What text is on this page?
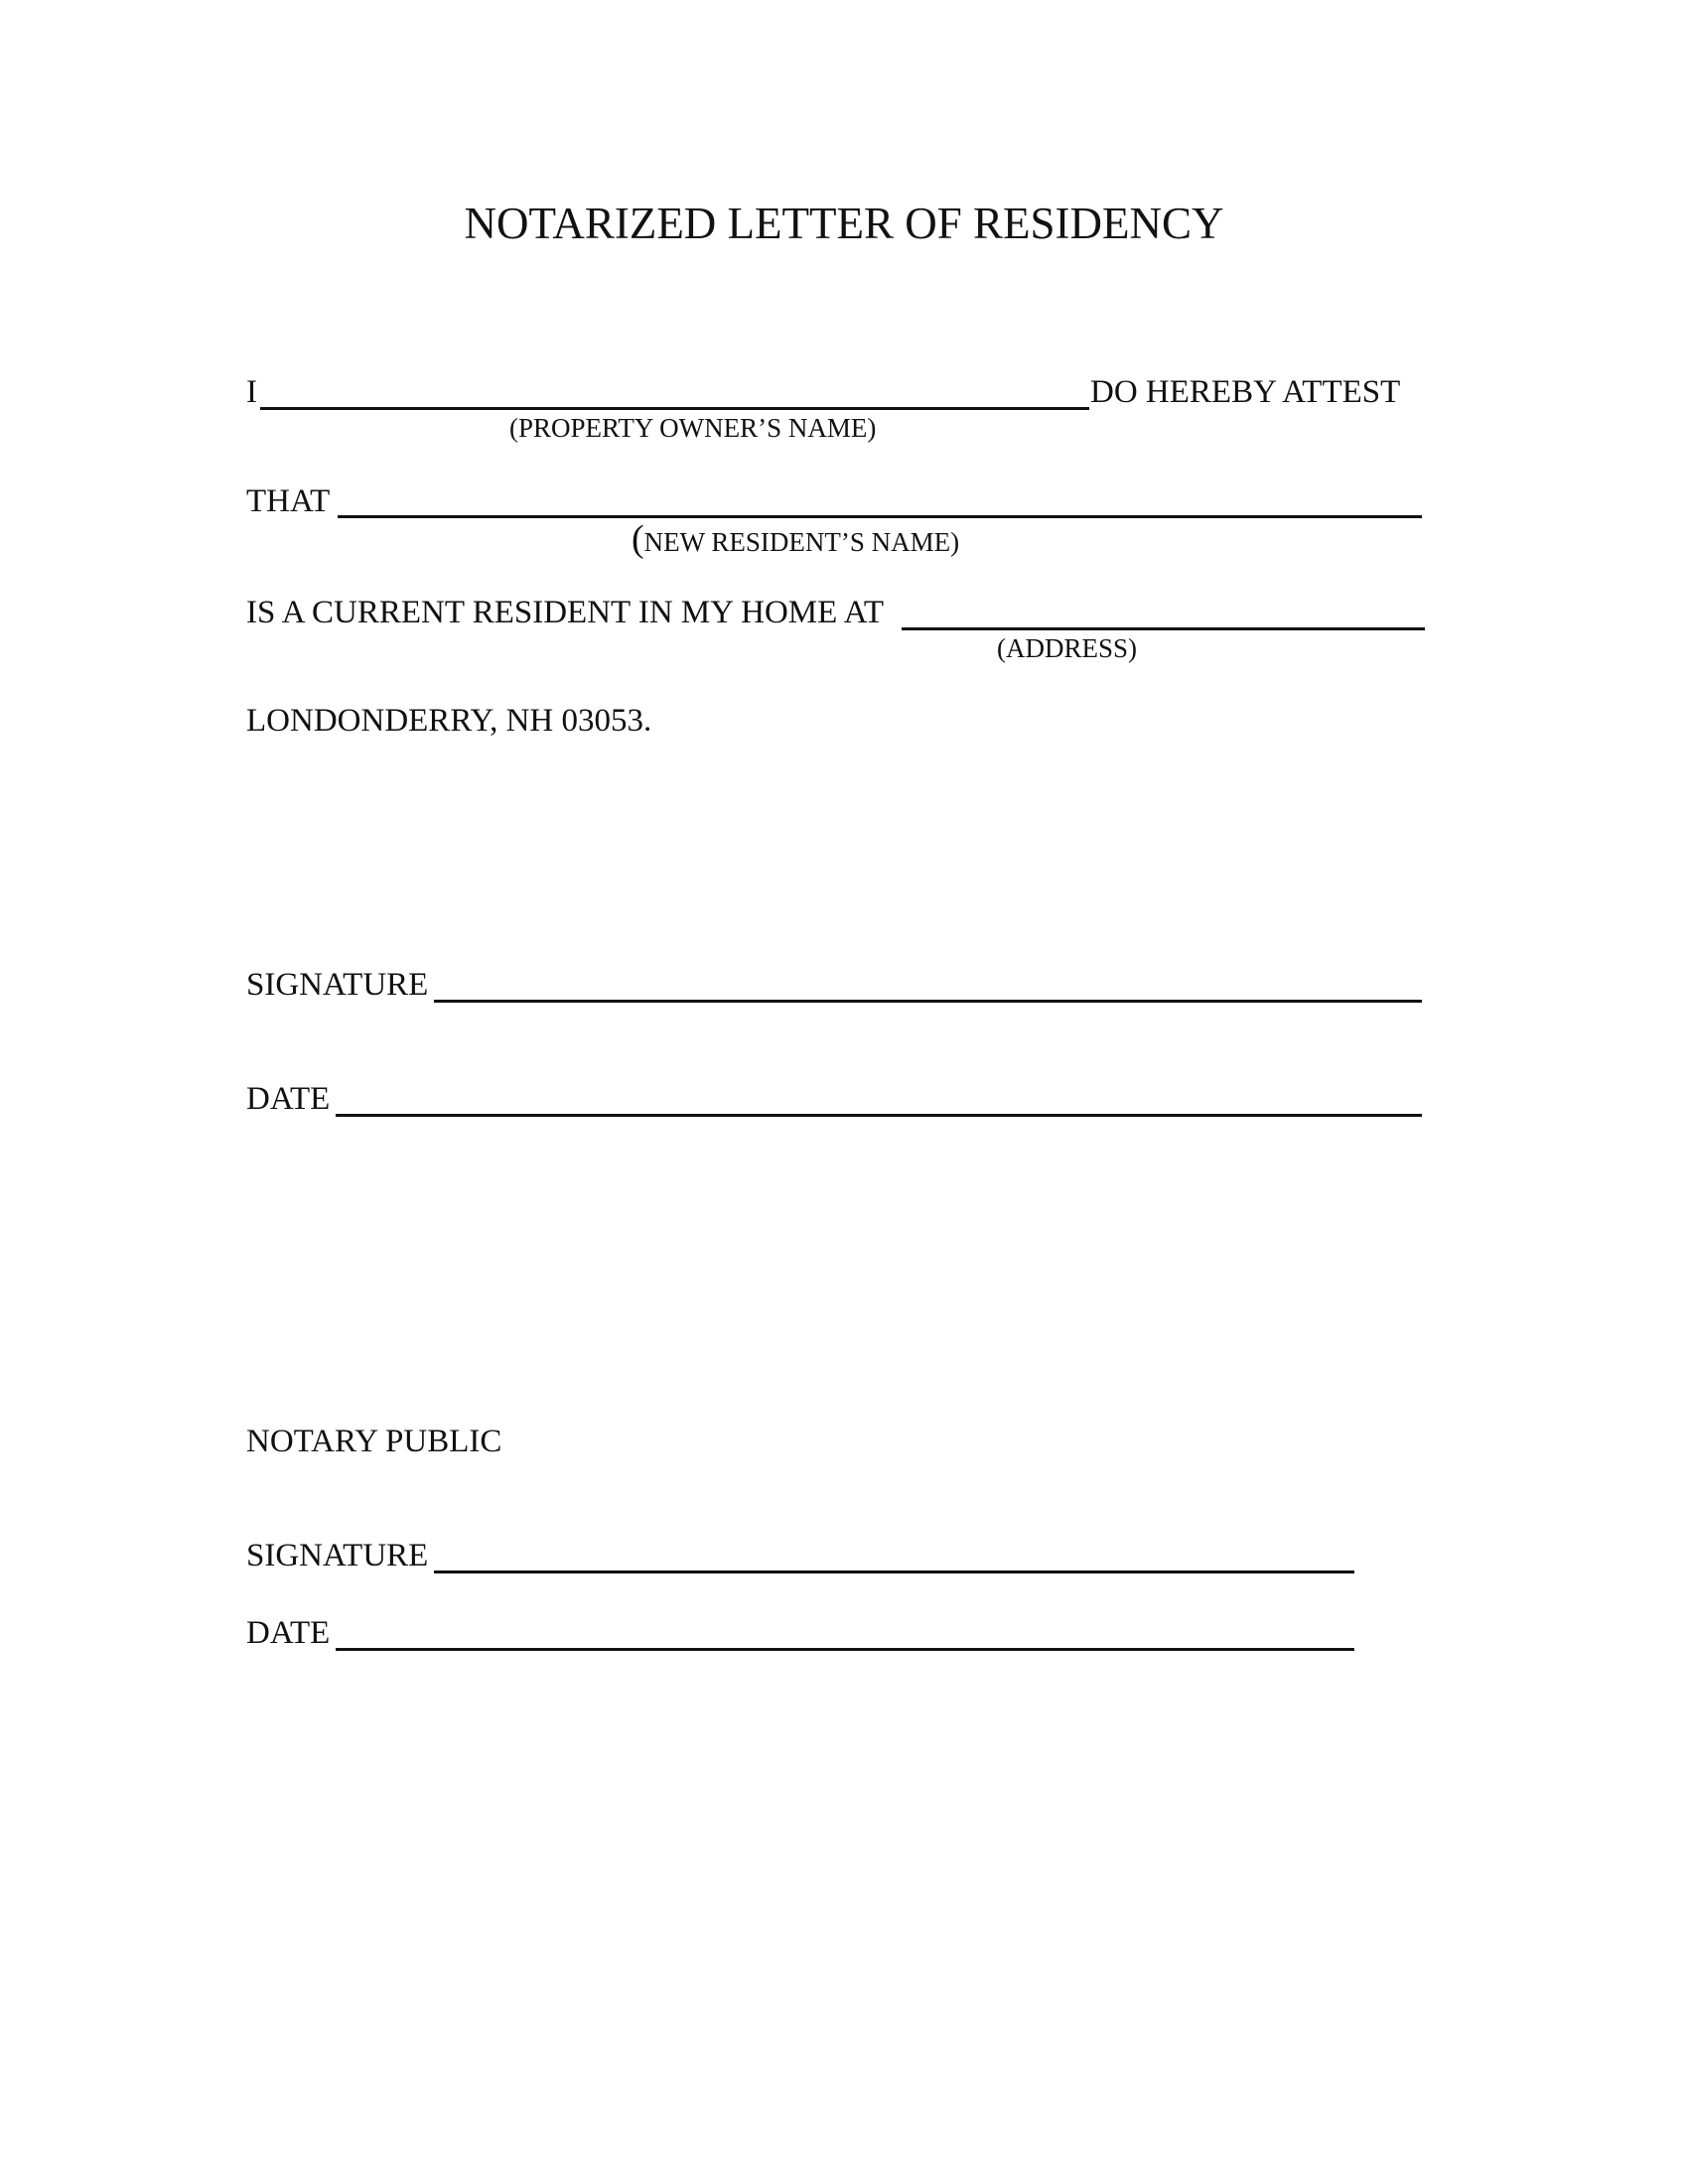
NOTARIZED LETTER OF RESIDENCY
I	DO HEREBY ATTEST
(PROPERTY OWNER’S NAME)
THAT
(NEW RESIDENT’S NAME)
IS A CURRENT RESIDENT IN MY HOME AT
(ADDRESS)
LONDONDERRY, NH 03053.
SIGNATURE
DATE
NOTARY PUBLIC
SIGNATURE
DATE
